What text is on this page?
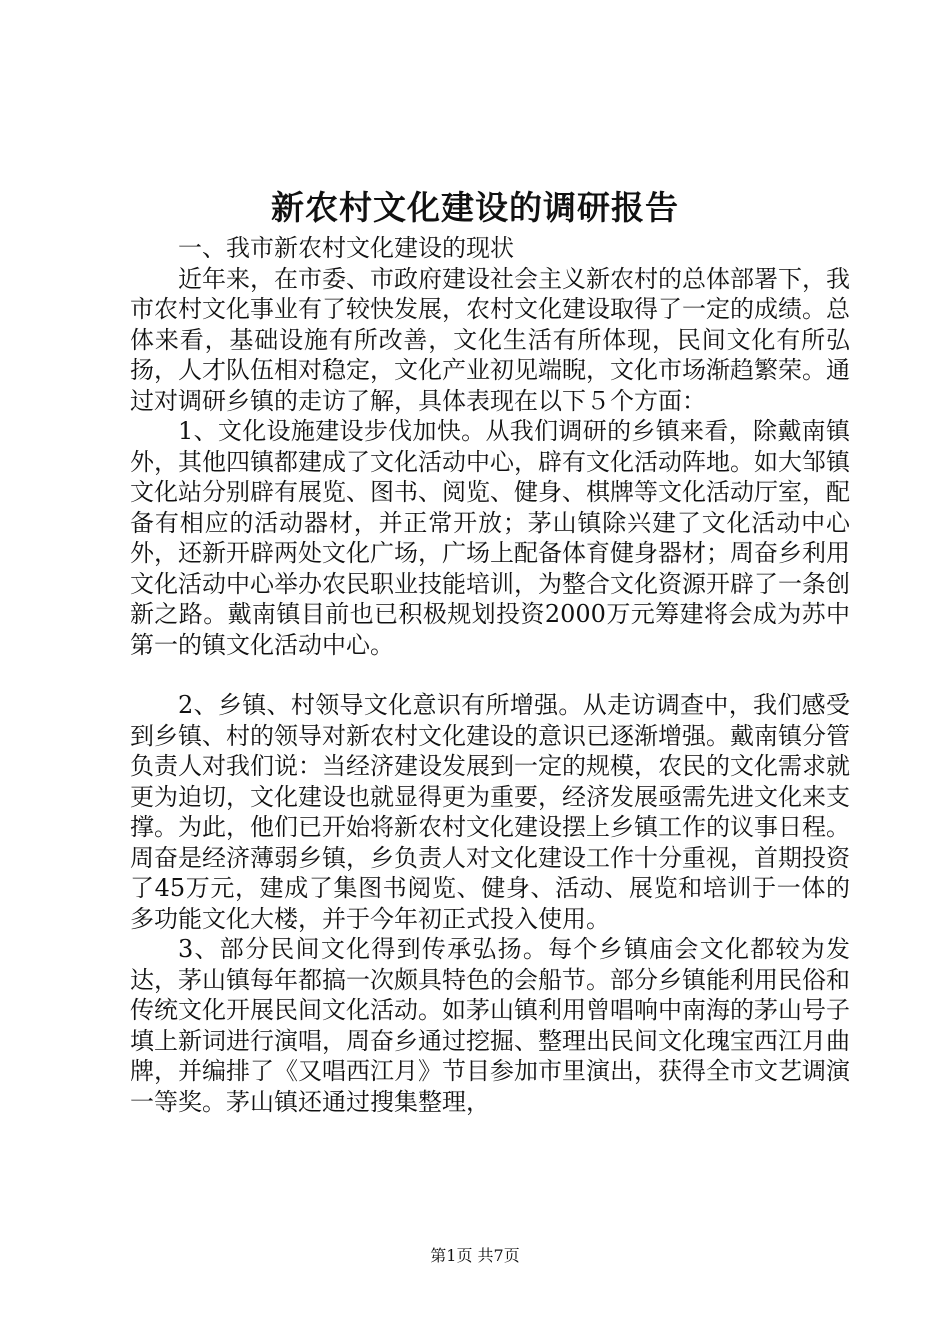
新农村文化建设的调研报告

一、我市新农村文化建设的现状

近年来，在市委、市政府建设社会主义新农村的总体部署下，我市农村文化事业有了较快发展，农村文化建设取得了一定的成绩。总体来看，基础设施有所改善，文化生活有所体现，民间文化有所弘扬，人才队伍相对稳定，文化产业初见端睨，文化市场渐趋繁荣。通过对调研乡镇的走访了解，具体表现在以下５个方面：

1、文化设施建设步伐加快。从我们调研的乡镇来看，除戴南镇外，其他四镇都建成了文化活动中心，辟有文化活动阵地。如大邹镇文化站分别辟有展览、图书、阅览、健身、棋牌等文化活动厅室，配备有相应的活动器材，并正常开放；茅山镇除兴建了文化活动中心外，还新开辟两处文化广场，广场上配备体育健身器材；周奋乡利用文化活动中心举办农民职业技能培训，为整合文化资源开辟了一条创新之路。戴南镇目前也已积极规划投资2000万元筹建将会成为苏中第一的镇文化活动中心。

2、乡镇、村领导文化意识有所增强。从走访调查中，我们感受到乡镇、村的领导对新农村文化建设的意识已逐渐增强。戴南镇分管负责人对我们说：当经济建设发展到一定的规模，农民的文化需求就更为迫切，文化建设也就显得更为重要，经济发展亟需先进文化来支撑。为此，他们已开始将新农村文化建设摆上乡镇工作的议事日程。周奋是经济薄弱乡镇，乡负责人对文化建设工作十分重视，首期投资了45万元，建成了集图书阅览、健身、活动、展览和培训于一体的多功能文化大楼，并于今年初正式投入使用。

3、部分民间文化得到传承弘扬。每个乡镇庙会文化都较为发达，茅山镇每年都搞一次颇具特色的会船节。部分乡镇能利用民俗和传统文化开展民间文化活动。如茅山镇利用曾唱响中南海的茅山号子填上新词进行演唱，周奋乡通过挖掘、整理出民间文化瑰宝西江月曲牌，并编排了《又唱西江月》节目参加市里演出，获得全市文艺调演一等奖。茅山镇还通过搜集整理，

第1页 共7页
